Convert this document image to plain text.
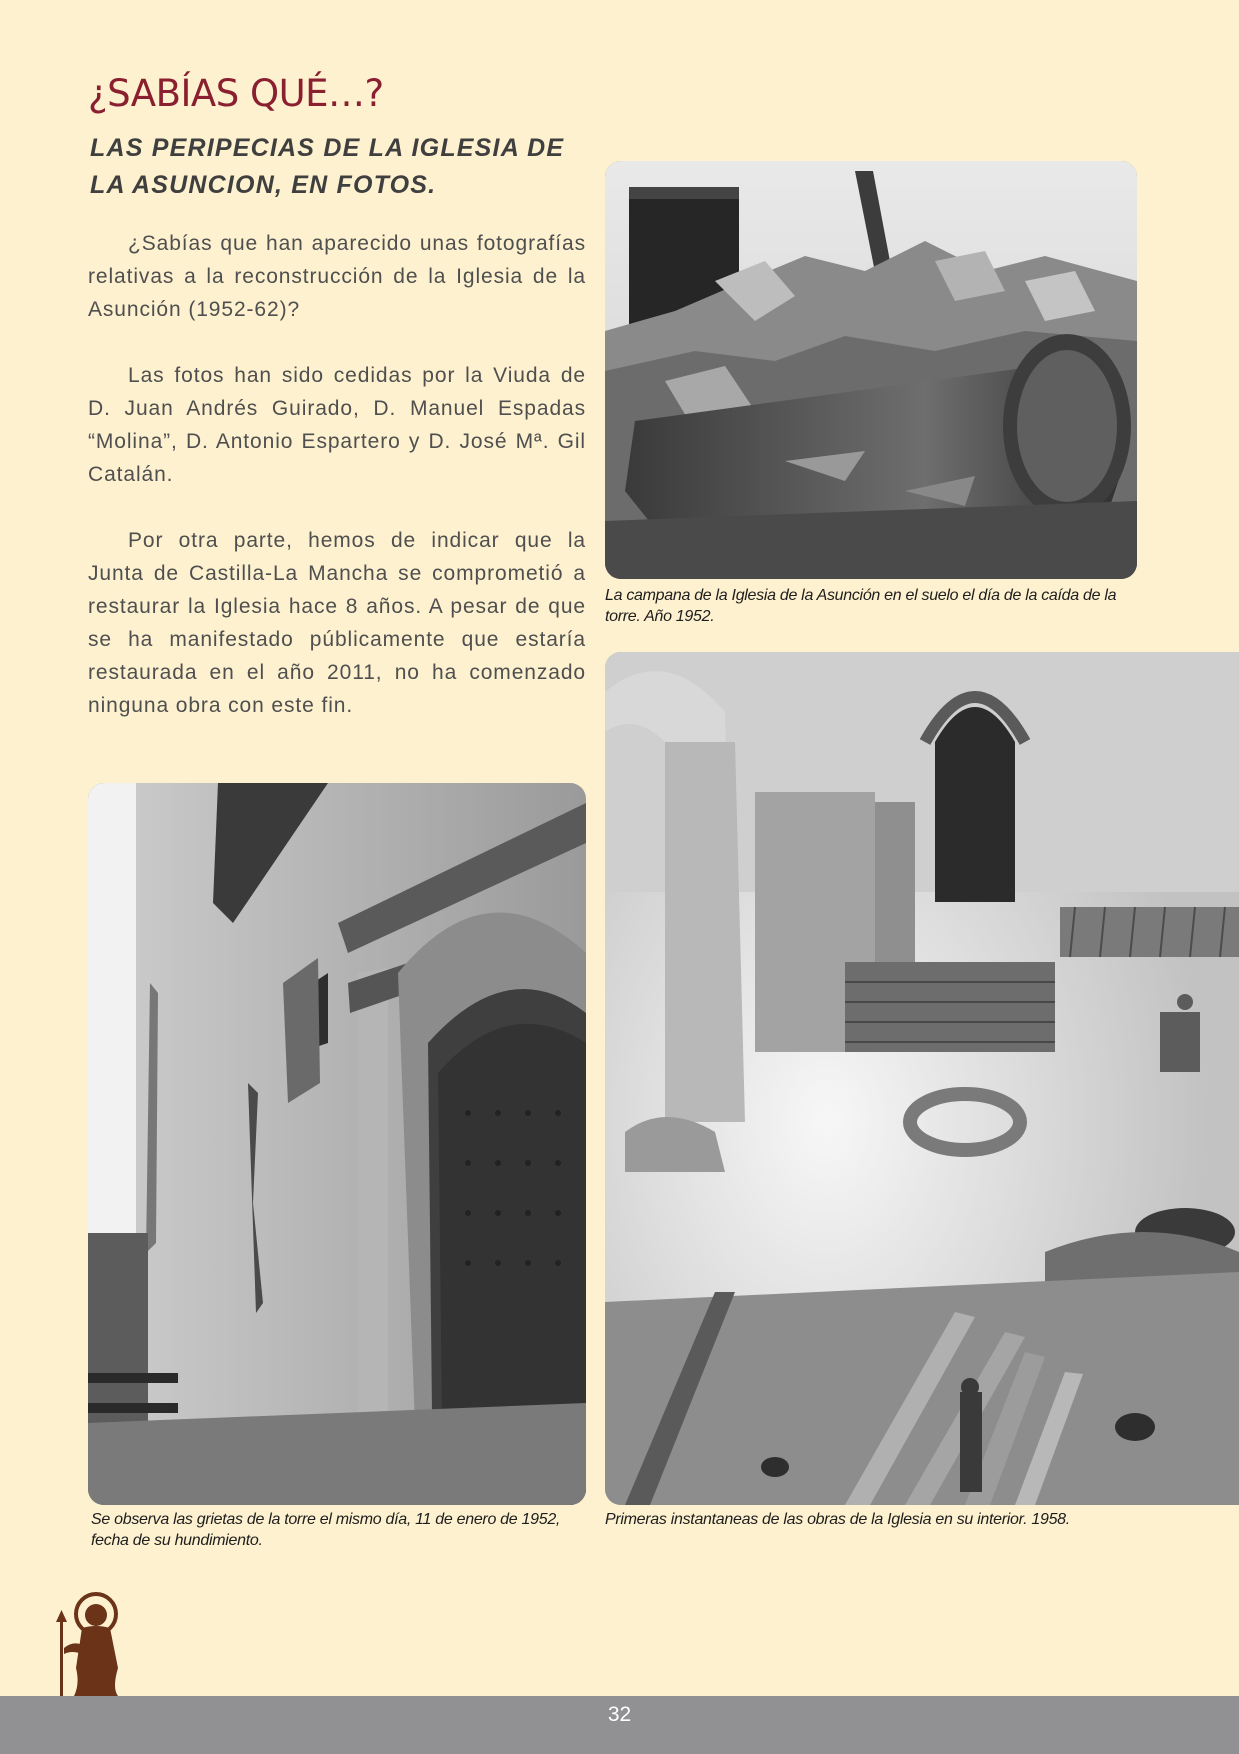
¿SABÍAS QUÉ…?
LAS PERIPECIAS DE LA IGLESIA DE
LA ASUNCION, EN FOTOS.

¿Sabías que han aparecido unas fotografías relativas a la reconstrucción de la Iglesia de la Asunción (1952-62)?

Las fotos han sido cedidas por la Viuda de D. Juan Andrés Guirado, D. Manuel Espadas “Molina”, D. Antonio Espartero y D. José Mª. Gil Catalán.

Por otra parte, hemos de indicar que la Junta de Castilla-La Mancha se comprometió a restaurar la Iglesia hace 8 años. A pesar de que se ha manifestado públicamente que estaría restaurada en el año 2011, no ha comenzado ninguna obra con este fin.

La campana de la Iglesia de la Asunción en el suelo el día de la caída de la torre. Año 1952.

Se observa las grietas de la torre el mismo día, 11 de enero de 1952, fecha de su hundimiento.

Primeras instantaneas de las obras de la Iglesia en su interior. 1958.

32
